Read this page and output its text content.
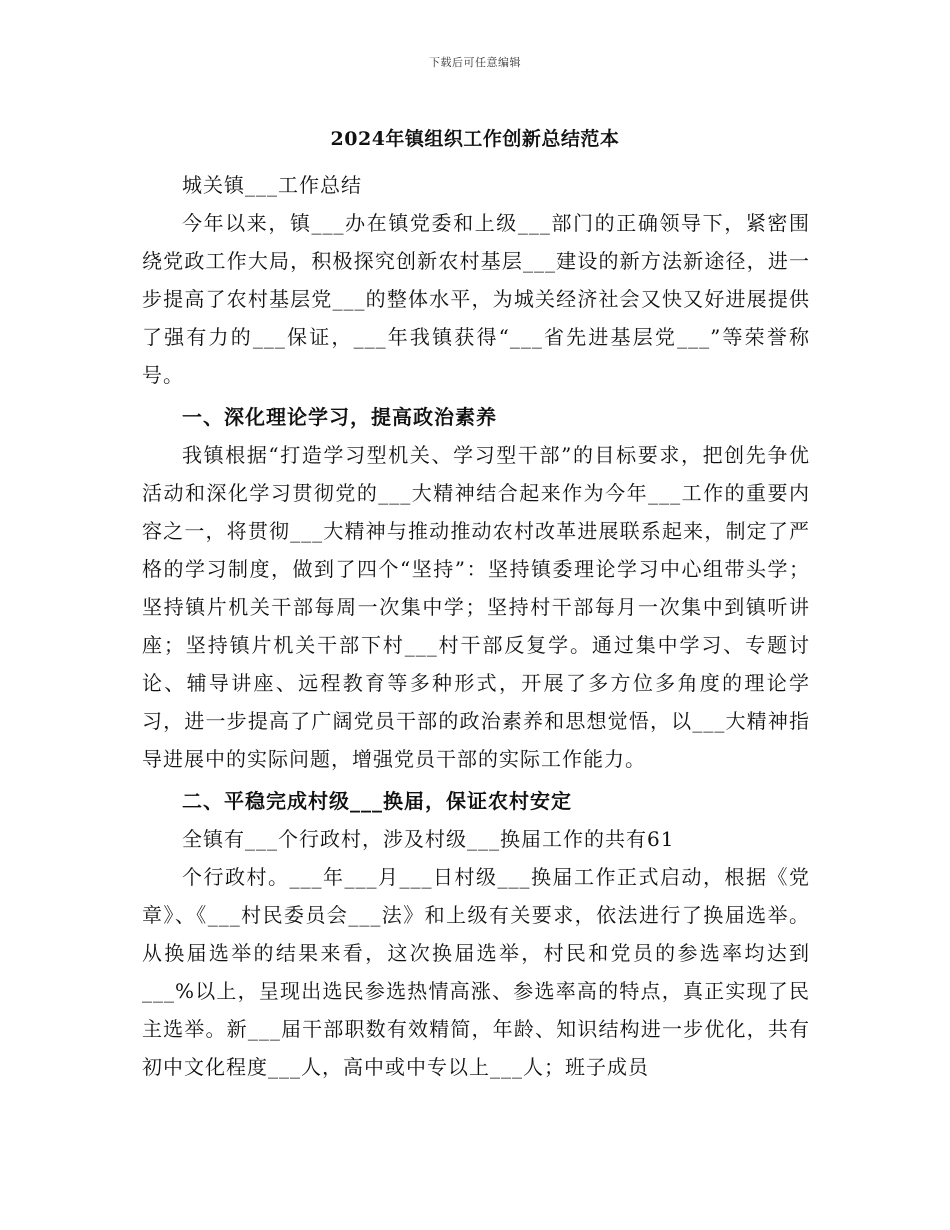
下载后可任意编辑
2024年镇组织工作创新总结范本

城关镇___工作总结

今年以来，镇___办在镇党委和上级___部门的正确领导下，紧密围绕党政工作大局，积极探究创新农村基层___建设的新方法新途径，进一步提高了农村基层党___的整体水平，为城关经济社会又快又好进展提供了强有力的___保证，___年我镇获得“___省先进基层党___”等荣誉称号。

一、深化理论学习，提高政治素养

我镇根据“打造学习型机关、学习型干部”的目标要求，把创先争优活动和深化学习贯彻党的___大精神结合起来作为今年___工作的重要内容之一，将贯彻___大精神与推动推动农村改革进展联系起来，制定了严格的学习制度，做到了四个“坚持”：坚持镇委理论学习中心组带头学；坚持镇片机关干部每周一次集中学；坚持村干部每月一次集中到镇听讲座；坚持镇片机关干部下村___村干部反复学。通过集中学习、专题讨论、辅导讲座、远程教育等多种形式，开展了多方位多角度的理论学习，进一步提高了广阔党员干部的政治素养和思想觉悟，以___大精神指导进展中的实际问题，增强党员干部的实际工作能力。

二、平稳完成村级___换届，保证农村安定

全镇有___个行政村，涉及村级___换届工作的共有61

个行政村。___年___月___日村级___换届工作正式启动，根据《党章》、《___村民委员会___法》和上级有关要求，依法进行了换届选举。从换届选举的结果来看，这次换届选举，村民和党员的参选率均达到___%以上，呈现出选民参选热情高涨、参选率高的特点，真正实现了民主选举。新___届干部职数有效精简，年龄、知识结构进一步优化，共有初中文化程度___人，高中或中专以上___人；班子成员
